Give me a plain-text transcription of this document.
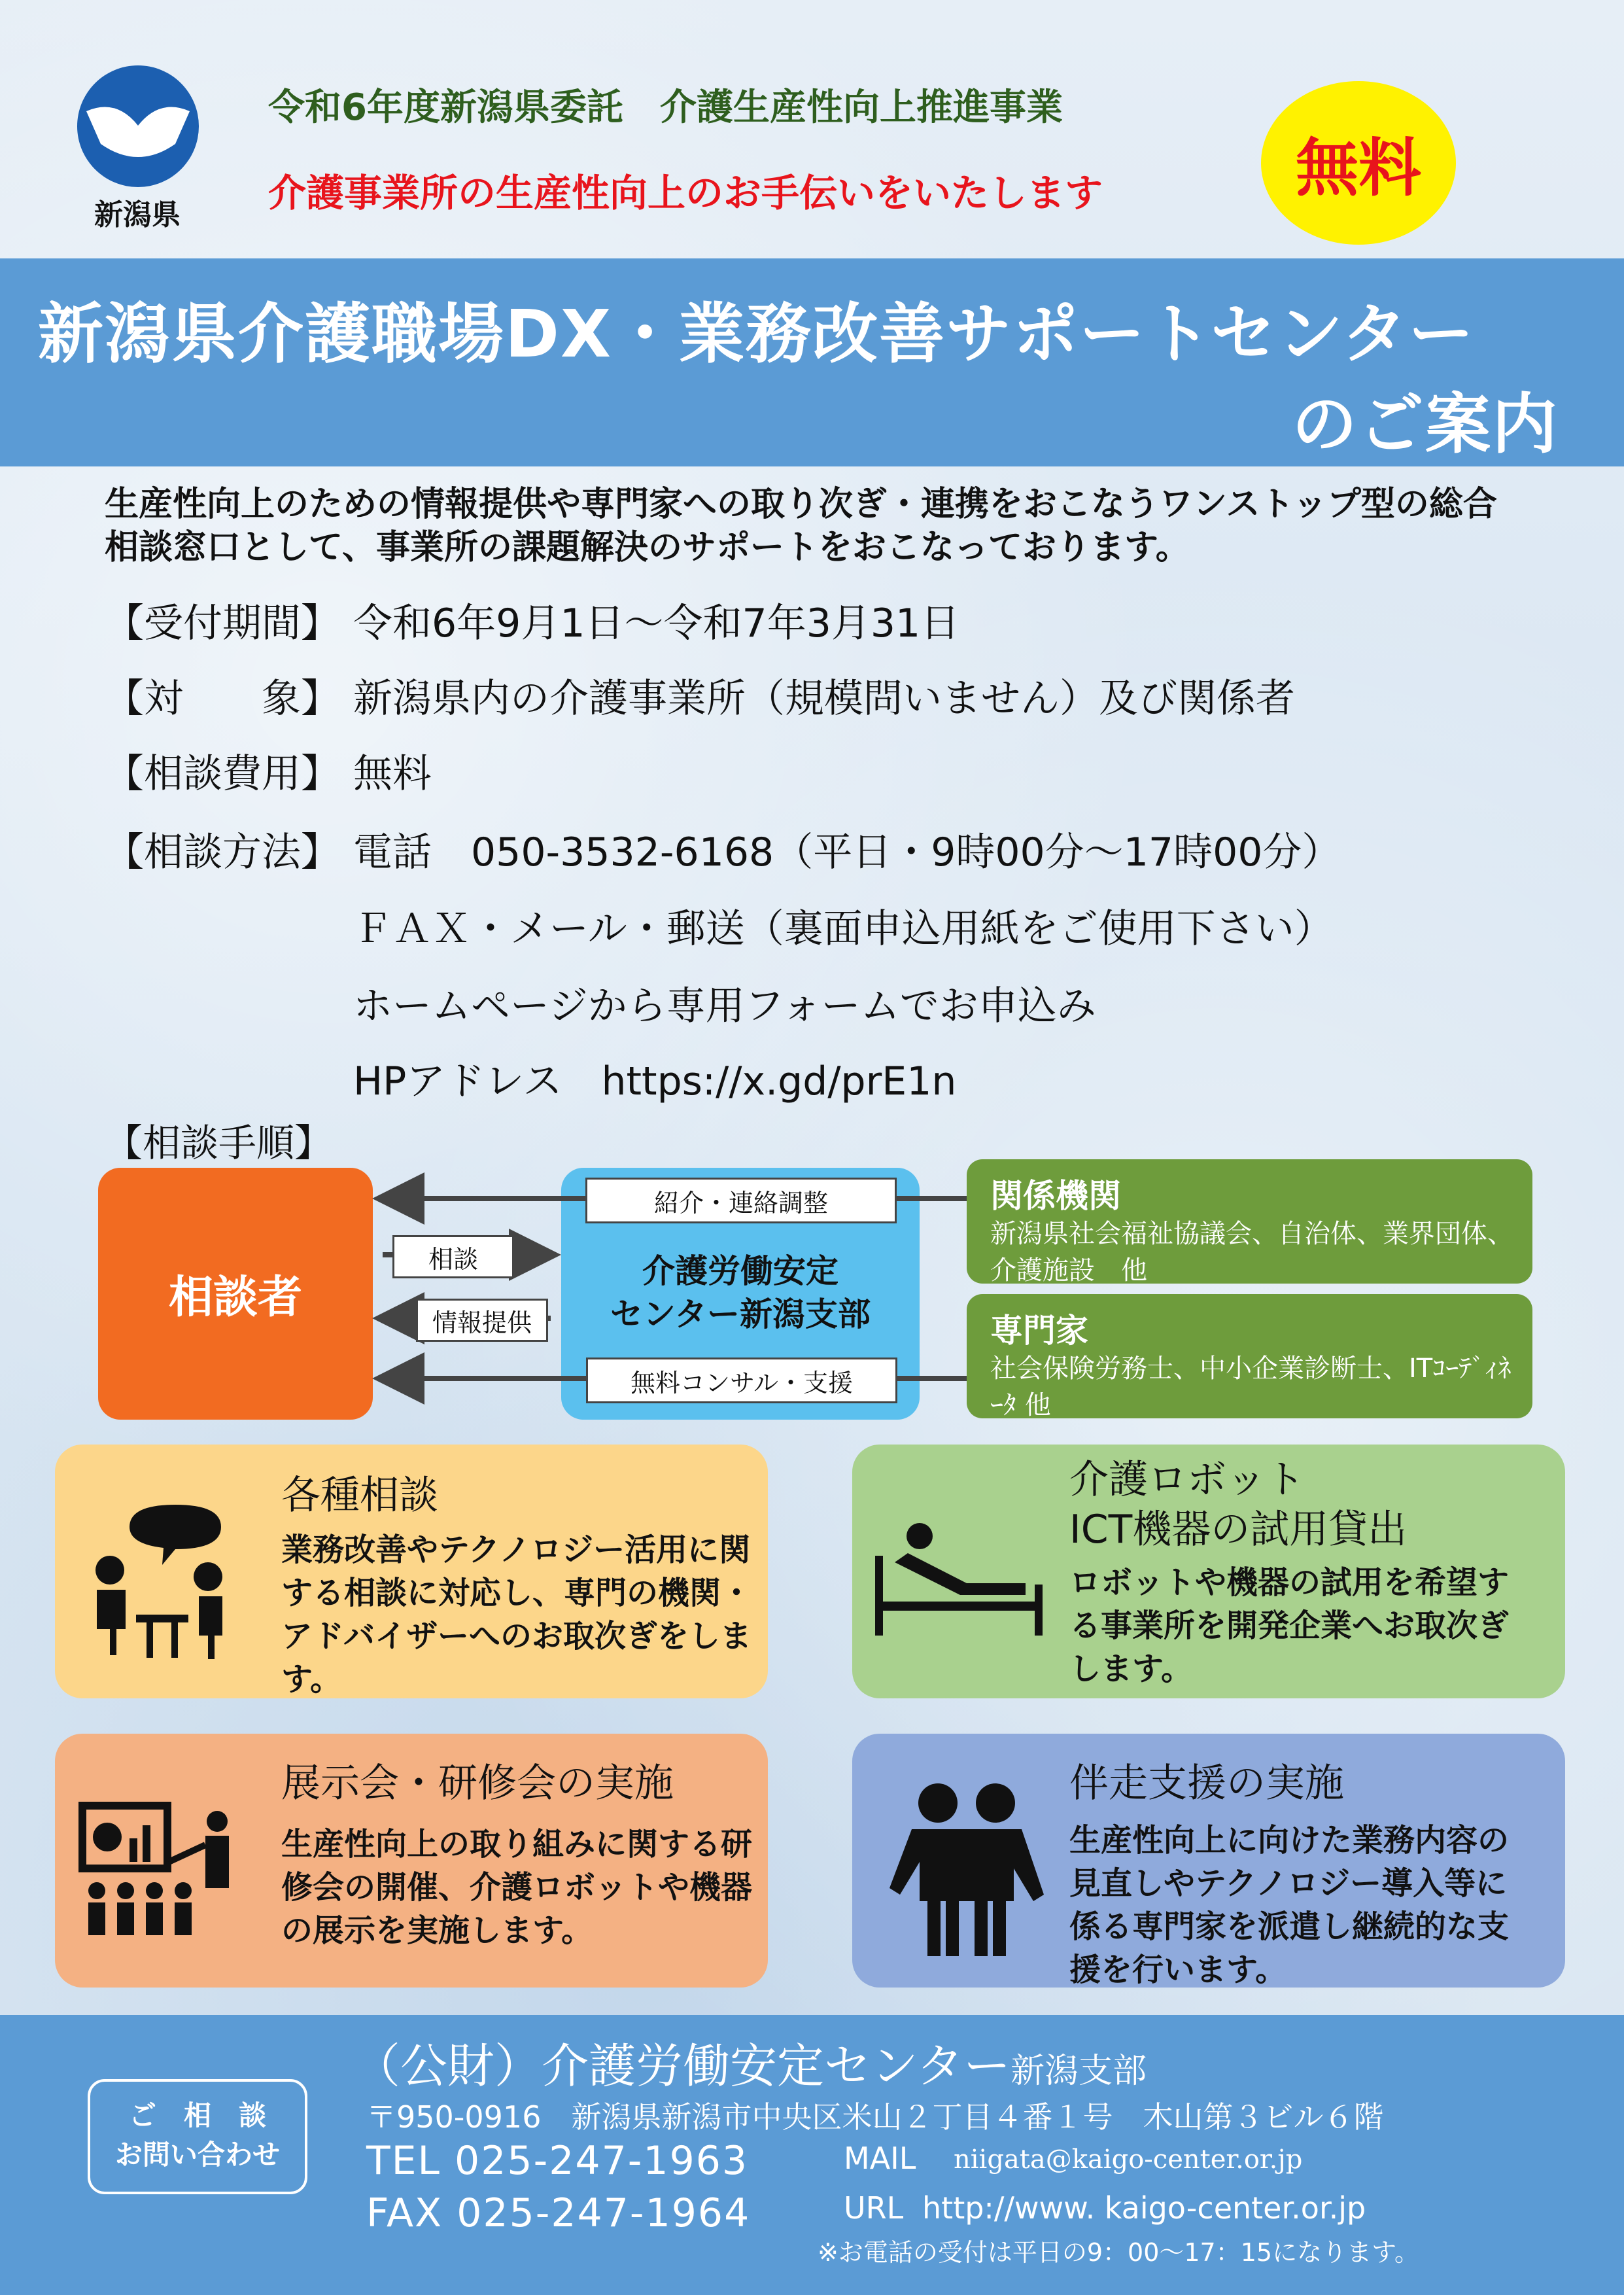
新潟県
令和6年度新潟県委託　介護生産性向上推進事業
介護事業所の生産性向上のお手伝いをいたします	無料
新潟県介護職場DX・業務改善サポートセンター
のご案内
生産性向上のための情報提供や専門家への取り次ぎ・連携をおこなうワンストップ型の総合相談窓口として、事業所の課題解決のサポートをおこなっております。
【受付期間】 令和6年9月1日～令和7年3月31日
【対　　象】 新潟県内の介護事業所（規模問いません）及び関係者
【相談費用】 無料
【相談方法】 電話　050-3532-6168（平日・9時00分～17時00分）
ＦＡＸ・メール・郵送（裏面申込用紙をご使用下さい）
ホームページから専用フォームでお申込み
HPアドレス　https://x.gd/prE1n
【相談手順】
相談者
介護労働安定
センター新潟支部
紹介・連絡調整
無料コンサル・支援
相談
情報提供
関係機関
新潟県社会福祉協議会、自治体、業界団体、介護施設　他
専門家
社会保険労務士、中小企業診断士、ITｺｰﾃﾞｨﾈｰﾀ 他
各種相談
業務改善やテクノロジー活用に関する相談に対応し、専門の機関・アドバイザーへのお取次ぎをします。
介護ロボット
ICT機器の試用貸出
ロボットや機器の試用を希望する事業所を開発企業へお取次ぎします。
展示会・研修会の実施
生産性向上の取り組みに関する研修会の開催、介護ロボットや機器の展示を実施します。
伴走支援の実施
生産性向上に向けた業務内容の見直しやテクノロジー導入等に係る専門家を派遣し継続的な支援を行います。
ご　相　談
お問い合わせ
（公財）介護労働安定センター新潟支部
〒950-0916　新潟県新潟市中央区米山２丁目４番１号　木山第３ビル６階
TEL 025-247-1963
FAX 025-247-1964
MAIL niigata@kaigo-center.or.jp
URL http://www. kaigo-center.or.jp
※お電話の受付は平日の9：00～17：15になります。
